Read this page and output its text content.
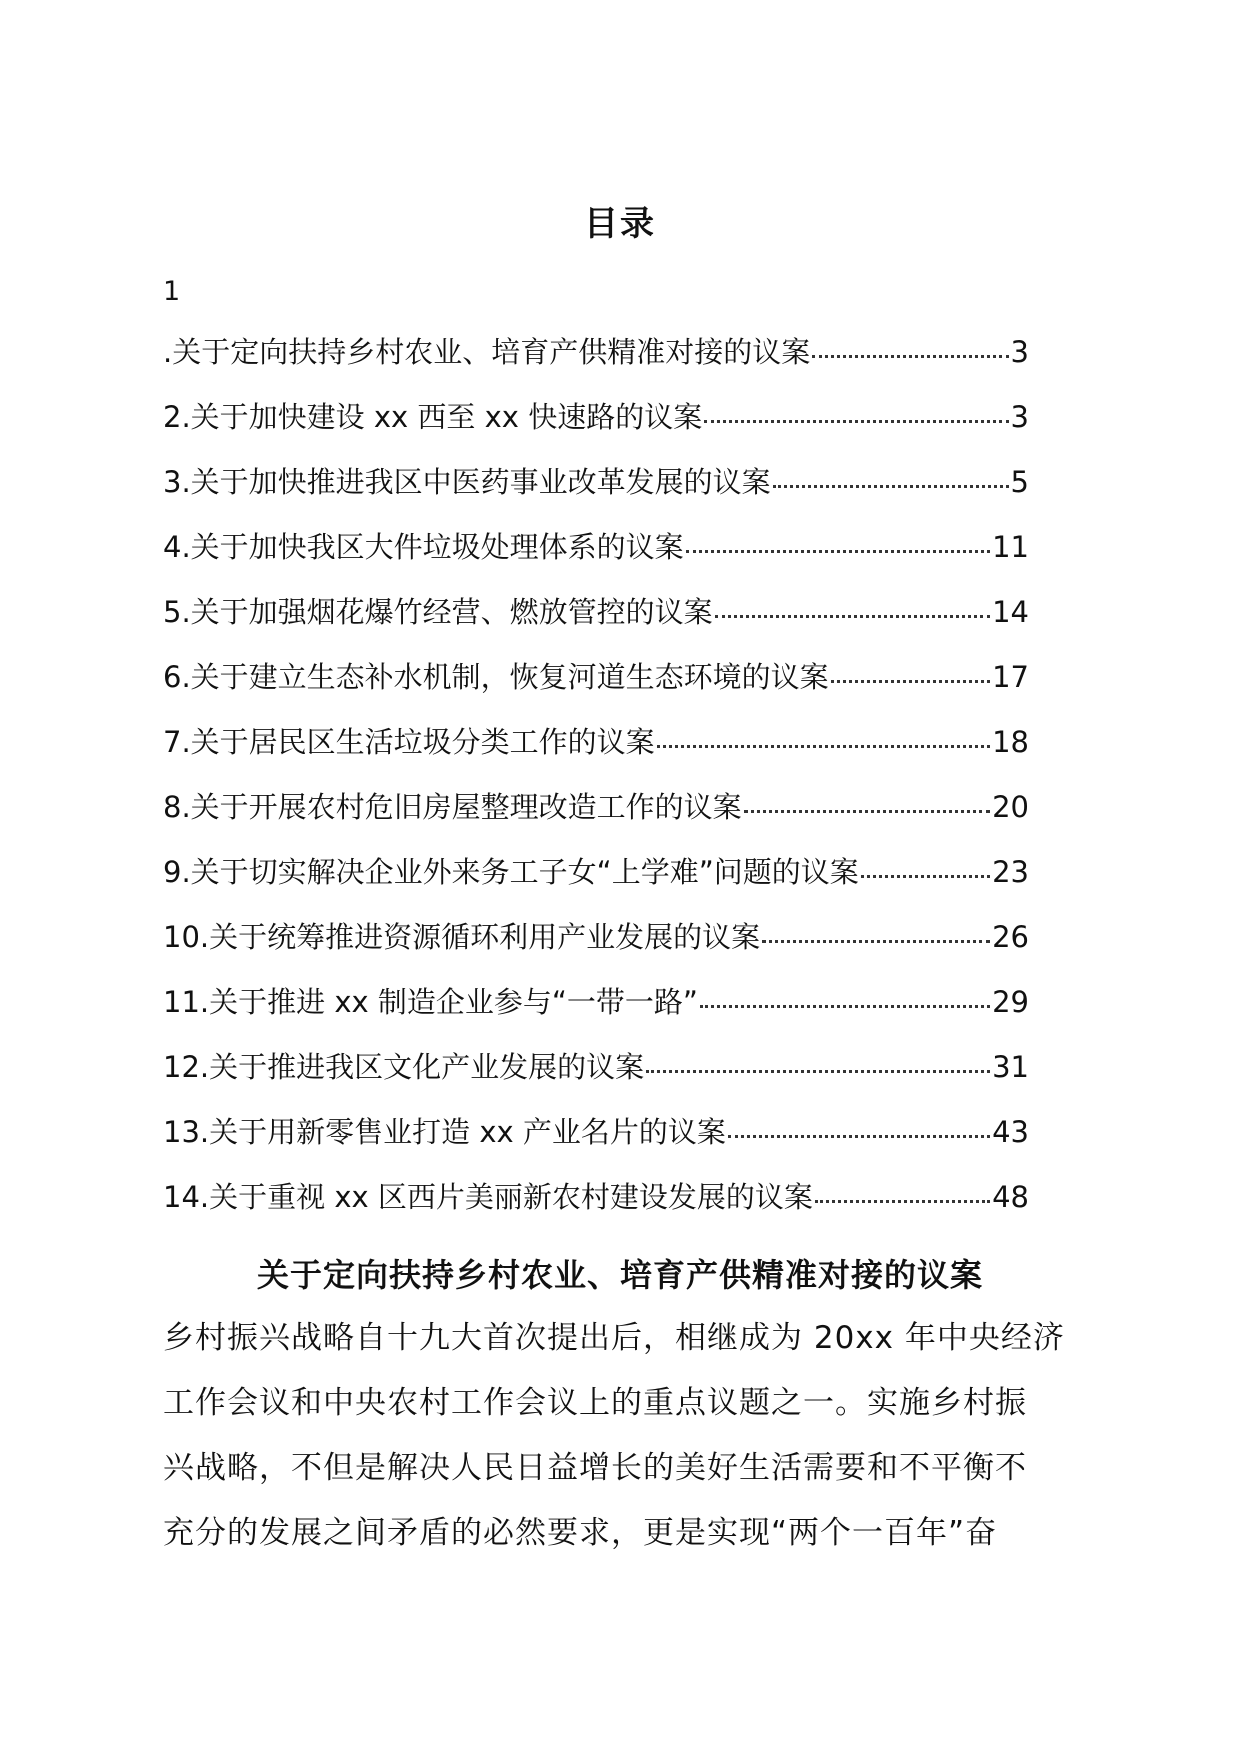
目录
1
.关于定向扶持乡村农业、培育产供精准对接的议案	3
2.关于加快建设 xx 西至 xx 快速路的议案	3
3.关于加快推进我区中医药事业改革发展的议案	5
4.关于加快我区大件垃圾处理体系的议案	11
5.关于加强烟花爆竹经营、燃放管控的议案	14
6.关于建立生态补水机制，恢复河道生态环境的议案	17
7.关于居民区生活垃圾分类工作的议案	18
8.关于开展农村危旧房屋整理改造工作的议案	20
9.关于切实解决企业外来务工子女“上学难”问题的议案	23
10.关于统筹推进资源循环利用产业发展的议案	26
11.关于推进 xx 制造企业参与“一带一路”	29
12.关于推进我区文化产业发展的议案	31
13.关于用新零售业打造 xx 产业名片的议案	43
14.关于重视 xx 区西片美丽新农村建设发展的议案	48
关于定向扶持乡村农业、培育产供精准对接的议案
乡村振兴战略自十九大首次提出后，相继成为 20xx 年中央经济
工作会议和中央农村工作会议上的重点议题之一。实施乡村振
兴战略，不但是解决人民日益增长的美好生活需要和不平衡不
充分的发展之间矛盾的必然要求，更是实现“两个一百年”奋
